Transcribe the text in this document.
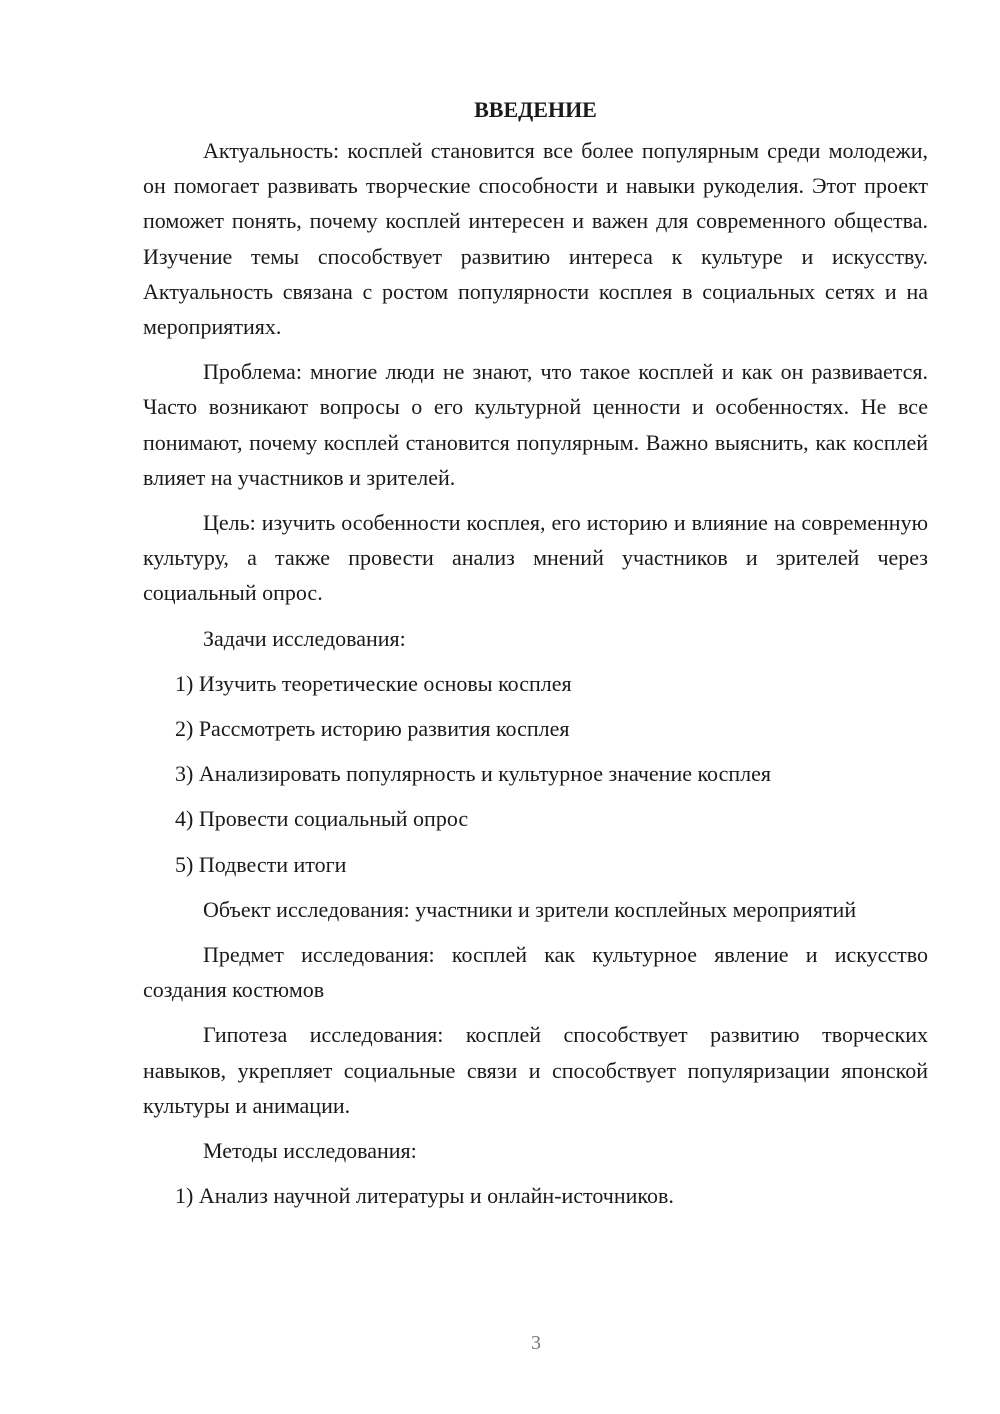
ВВЕДЕНИЕ

Актуальность: косплей становится все более популярным среди молодежи, он помогает развивать творческие способности и навыки рукоделия. Этот проект поможет понять, почему косплей интересен и важен для современного общества. Изучение темы способствует развитию интереса к культуре и искусству. Актуальность связана с ростом популярности косплея в социальных сетях и на мероприятиях.

Проблема: многие люди не знают, что такое косплей и как он развивается. Часто возникают вопросы о его культурной ценности и особенностях. Не все понимают, почему косплей становится популярным. Важно выяснить, как косплей влияет на участников и зрителей.

Цель: изучить особенности косплея, его историю и влияние на современную культуру, а также провести анализ мнений участников и зрителей через социальный опрос.

Задачи исследования:

1) Изучить теоретические основы косплея
2) Рассмотреть историю развития косплея
3) Анализировать популярность и культурное значение косплея
4) Провести социальный опрос
5) Подвести итоги

Объект исследования: участники и зрители косплейных мероприятий

Предмет исследования: косплей как культурное явление и искусство создания костюмов

Гипотеза исследования: косплей способствует развитию творческих навыков, укрепляет социальные связи и способствует популяризации японской культуры и анимации.

Методы исследования:

1) Анализ научной литературы и онлайн-источников.
3
